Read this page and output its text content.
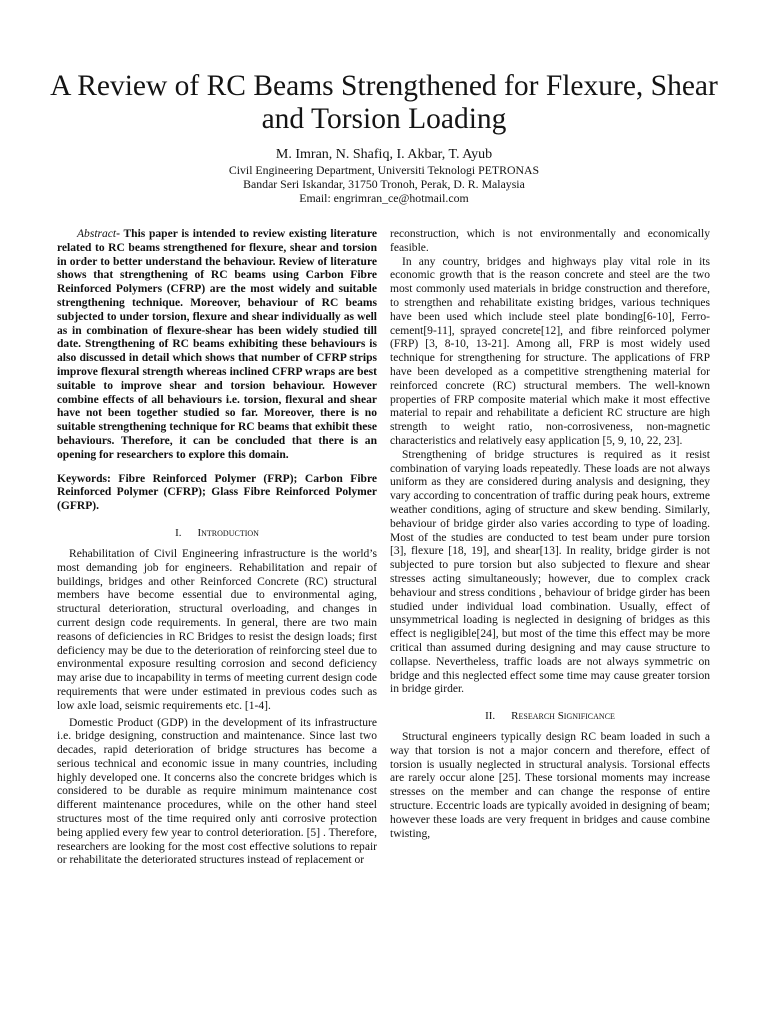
A Review of RC Beams Strengthened for Flexure, Shear and Torsion Loading
M. Imran, N. Shafiq, I. Akbar, T. Ayub
Civil Engineering Department, Universiti Teknologi PETRONAS
Bandar Seri Iskandar, 31750 Tronoh, Perak, D. R. Malaysia
Email: engrimran_ce@hotmail.com

Abstract- This paper is intended to review existing literature related to RC beams strengthened for flexure, shear and torsion in order to better understand the behaviour. Review of literature shows that strengthening of RC beams using Carbon Fibre Reinforced Polymers (CFRP) are the most widely and suitable strengthening technique. Moreover, behaviour of RC beams subjected to under torsion, flexure and shear individually as well as in combination of flexure-shear has been widely studied till date. Strengthening of RC beams exhibiting these behaviours is also discussed in detail which shows that number of CFRP strips improve flexural strength whereas inclined CFRP wraps are best suitable to improve shear and torsion behaviour. However combine effects of all behaviours i.e. torsion, flexural and shear have not been together studied so far. Moreover, there is no suitable strengthening technique for RC beams that exhibit these behaviours. Therefore, it can be concluded that there is an opening for researchers to explore this domain.

Keywords: Fibre Reinforced Polymer (FRP); Carbon Fibre Reinforced Polymer (CFRP); Glass Fibre Reinforced Polymer (GFRP).

I. Introduction

Rehabilitation of Civil Engineering infrastructure is the world’s most demanding job for engineers. Rehabilitation and repair of buildings, bridges and other Reinforced Concrete (RC) structural members have become essential due to environmental aging, structural deterioration, structural overloading, and changes in current design code requirements. In general, there are two main reasons of deficiencies in RC Bridges to resist the design loads; first deficiency may be due to the deterioration of reinforcing steel due to environmental exposure resulting corrosion and second deficiency may arise due to incapability in terms of meeting current design code requirements that were under estimated in previous codes such as low axle load, seismic requirements etc. [1-4].

Domestic Product (GDP) in the development of its infrastructure i.e. bridge designing, construction and maintenance. Since last two decades, rapid deterioration of bridge structures has become a serious technical and economic issue in many countries, including highly developed one. It concerns also the concrete bridges which is considered to be durable as require minimum maintenance cost different maintenance procedures, while on the other hand steel structures most of the time required only anti corrosive protection being applied every few year to control deterioration. [5] . Therefore, researchers are looking for the most cost effective solutions to repair or rehabilitate the deteriorated structures instead of replacement or

reconstruction, which is not environmentally and economically feasible.

In any country, bridges and highways play vital role in its economic growth that is the reason concrete and steel are the two most commonly used materials in bridge construction and therefore, to strengthen and rehabilitate existing bridges, various techniques have been used which include steel plate bonding[6-10], Ferro-cement[9-11], sprayed concrete[12], and fibre reinforced polymer (FRP) [3, 8-10, 13-21]. Among all, FRP is most widely used technique for strengthening for structure. The applications of FRP have been developed as a competitive strengthening material for reinforced concrete (RC) structural members. The well-known properties of FRP composite material which make it most effective material to repair and rehabilitate a deficient RC structure are high strength to weight ratio, non-corrosiveness, non-magnetic characteristics and relatively easy application [5, 9, 10, 22, 23].

Strengthening of bridge structures is required as it resist combination of varying loads repeatedly. These loads are not always uniform as they are considered during analysis and designing, they vary according to concentration of traffic during peak hours, extreme weather conditions, aging of structure and skew bending. Similarly, behaviour of bridge girder also varies according to type of loading. Most of the studies are conducted to test beam under pure torsion [3], flexure [18, 19], and shear[13]. In reality, bridge girder is not subjected to pure torsion but also subjected to flexure and shear stresses acting simultaneously; however, due to complex crack behaviour and stress conditions , behaviour of bridge girder has been studied under individual load combination. Usually, effect of unsymmetrical loading is neglected in designing of bridges as this effect is negligible[24], but most of the time this effect may be more critical than assumed during designing and may cause structure to collapse. Nevertheless, traffic loads are not always symmetric on bridge and this neglected effect some time may cause greater torsion in bridge girder.

II. Research Significance

Structural engineers typically design RC beam loaded in such a way that torsion is not a major concern and therefore, effect of torsion is usually neglected in structural analysis. Torsional effects are rarely occur alone [25]. These torsional moments may increase stresses on the member and can change the response of entire structure. Eccentric loads are typically avoided in designing of beam; however these loads are very frequent in bridges and cause combine twisting,
